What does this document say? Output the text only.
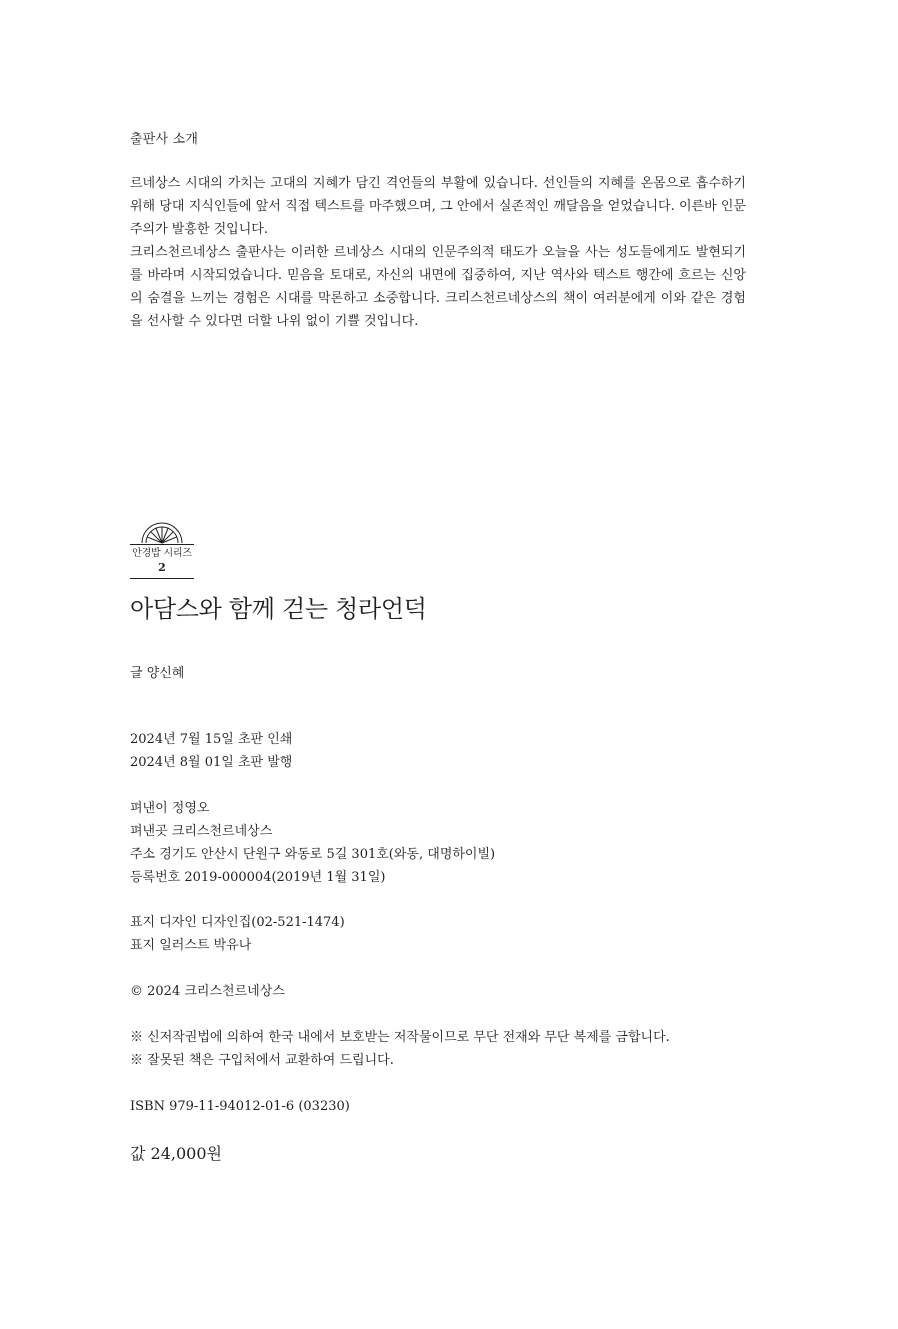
출판사 소개

르네상스 시대의 가치는 고대의 지혜가 담긴 격언들의 부활에 있습니다. 선인들의 지혜를 온몸으로 흡수하기 위해 당대 지식인들에 앞서 직접 텍스트를 마주했으며, 그 안에서 실존적인 깨달음을 얻었습니다. 이른바 인문주의가 발흥한 것입니다.

크리스천르네상스 출판사는 이러한 르네상스 시대의 인문주의적 태도가 오늘을 사는 성도들에게도 발현되기를 바라며 시작되었습니다. 믿음을 토대로, 자신의 내면에 집중하여, 지난 역사와 텍스트 행간에 흐르는 신앙의 숨결을 느끼는 경험은 시대를 막론하고 소중합니다. 크리스천르네상스의 책이 여러분에게 이와 같은 경험을 선사할 수 있다면 더할 나위 없이 기쁠 것입니다.

안경밥 시리즈
2
아담스와 함께 걷는 청라언덕
글 양신혜
2024년 7월 15일 초판 인쇄
2024년 8월 01일 초판 발행
펴낸이 정영오
펴낸곳 크리스천르네상스
주소 경기도 안산시 단원구 와동로 5길 301호(와동, 대명하이빌)
등록번호 2019-000004(2019년 1월 31일)
표지 디자인 디자인집(02-521-1474)
표지 일러스트 박유나
© 2024 크리스천르네상스
※ 신저작권법에 의하여 한국 내에서 보호받는 저작물이므로 무단 전재와 무단 복제를 금합니다.
※ 잘못된 책은 구입처에서 교환하여 드립니다.
ISBN 979-11-94012-01-6 (03230)
값 24,000원
